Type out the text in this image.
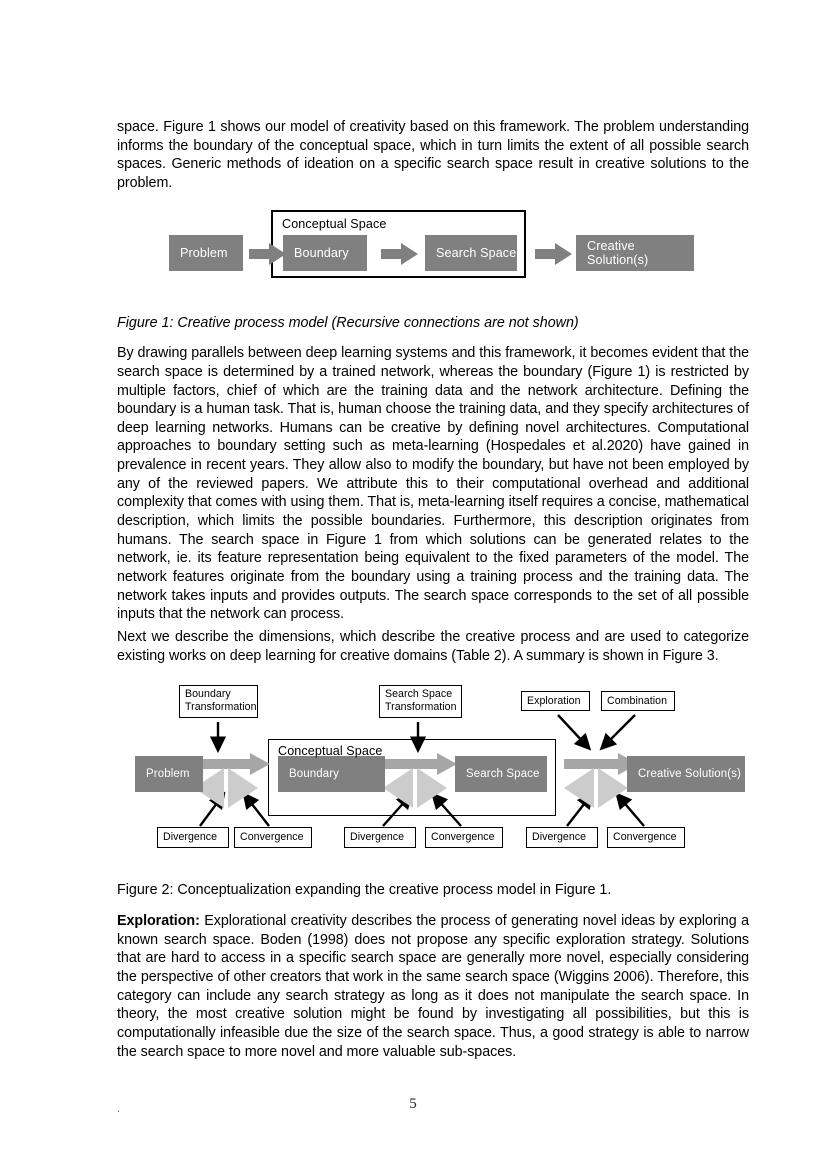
space. Figure 1 shows our model of creativity based on this framework. The problem understanding informs the boundary of the conceptual space, which in turn limits the extent of all possible search spaces. Generic methods of ideation on a specific search space result in creative solutions to the problem.

Conceptual Space
Problem	Boundary	Search Space	Creative Solution(s)

Figure 1: Creative process model (Recursive connections are not shown)

By drawing parallels between deep learning systems and this framework, it becomes evident that the search space is determined by a trained network, whereas the boundary (Figure 1) is restricted by multiple factors, chief of which are the training data and the network architecture. Defining the boundary is a human task. That is, human choose the training data, and they specify architectures of deep learning networks. Humans can be creative by defining novel architectures. Computational approaches to boundary setting such as meta-learning (Hospedales et al.2020) have gained in prevalence in recent years. They allow also to modify the boundary, but have not been employed by any of the reviewed papers. We attribute this to their computational overhead and additional complexity that comes with using them. That is, meta-learning itself requires a concise, mathematical description, which limits the possible boundaries. Furthermore, this description originates from humans. The search space in Figure 1 from which solutions can be generated relates to the network, ie. its feature representation being equivalent to the fixed parameters of the model. The network features originate from the boundary using a training process and the training data. The network takes inputs and provides outputs. The search space corresponds to the set of all possible inputs that the network can process.

Next we describe the dimensions, which describe the creative process and are used to categorize existing works on deep learning for creative domains (Table 2). A summary is shown in Figure 3.

Conceptual Space
Boundary
Transformation
Search Space
Transformation
Exploration Combination
Problem	Boundary	Search Space	Creative Solution(s)
Divergence Convergence	Divergence	Convergence	Divergence	Convergence

Figure 2: Conceptualization expanding the creative process model in Figure 1.

Exploration: Explorational creativity describes the process of generating novel ideas by exploring a known search space. Boden (1998) does not propose any specific exploration strategy. Solutions that are hard to access in a specific search space are generally more novel, especially considering the perspective of other creators that work in the same search space (Wiggins 2006). Therefore, this category can include any search strategy as long as it does not manipulate the search space. In theory, the most creative solution might be found by investigating all possibilities, but this is computationally infeasible due the size of the search space. Thus, a good strategy is able to narrow the search space to more novel and more valuable sub-spaces.

.	5
